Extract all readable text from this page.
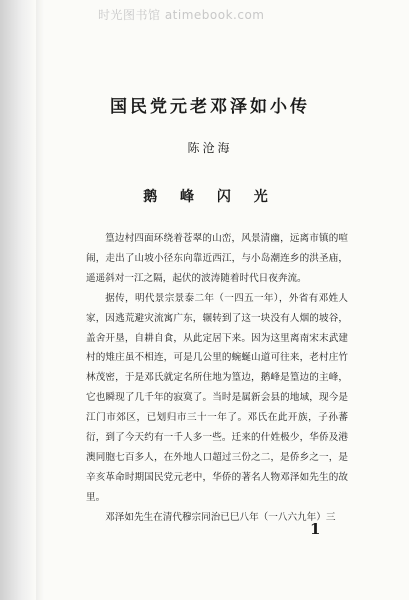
时光图书馆 atimebook.com
国民党元老邓泽如小传
陈沧海
鹅 峰 闪 光

篁边村四面环绕着苍翠的山峦，风景清幽，远离市镇的喧闹，走出了山坡小径东向靠近西江，与小岛潮连乡的洪圣庙，遥遥斜对一江之隔，起伏的波涛随着时代日夜奔流。

据传，明代景宗景泰二年（一四五一年），外省有邓姓人家，因逃荒避灾流寓广东，辗转到了这一块没有人烟的坡谷，盖舍开垦，自耕自食，从此定居下来。因为这里离南宋末武建村的雉庄虽不相连，可是几公里的蜿蜒山道可往来，老村庄竹林茂密，于是邓氏就定名所住地为篁边，鹅峰是篁边的主峰，它也瞬现了几千年的寂寞了。当时是属新会县的地域，现今是江门市郊区，已划归市三十一年了。邓氏在此开族，子孙蕃衍，到了今天约有一千人多一些。迁来的什姓极少，华侨及港澳同胞七百多人，在外地人口超过三份之二，是侨乡之一，是辛亥革命时期国民党元老中，华侨的著名人物邓泽如先生的故里。

邓泽如先生在清代穆宗同治已巳八年（一八六九年）三

1
